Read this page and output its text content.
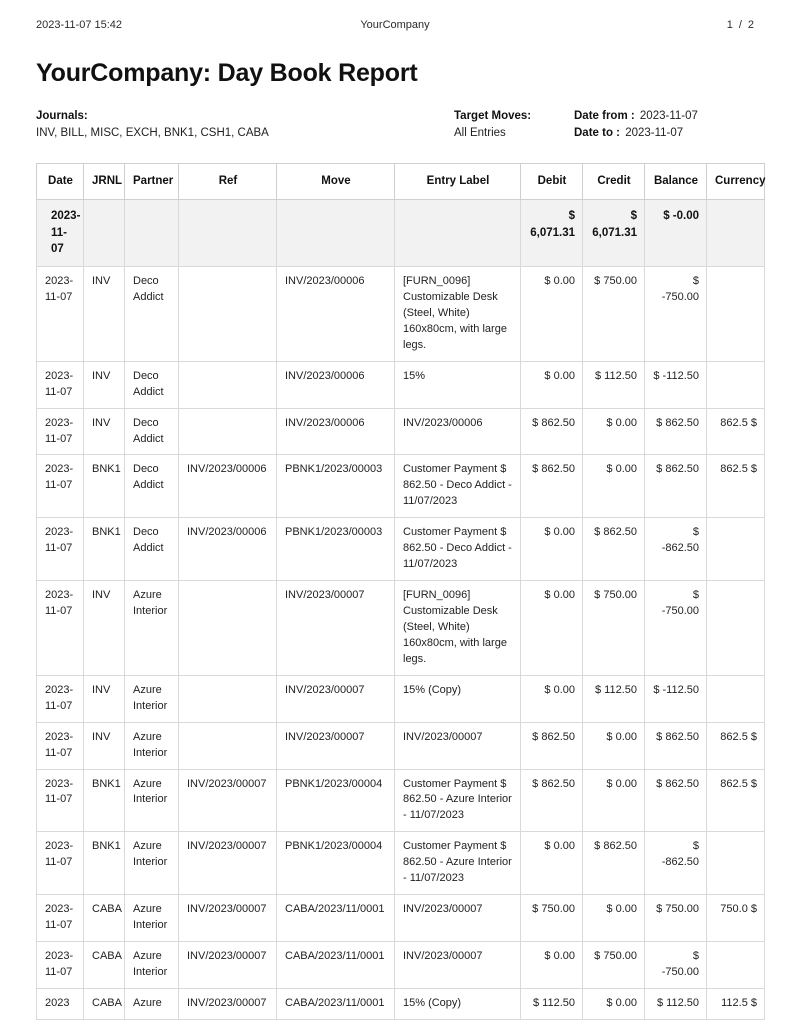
2023-11-07 15:42	YourCompany	1 / 2
YourCompany: Day Book Report
Journals:
INV, BILL, MISC, EXCH, BNK1, CSH1, CABA
Target Moves:
All Entries
Date from : 2023-11-07
Date to : 2023-11-07
Date	JRNL	Partner	Ref	Move	Entry Label	Debit	Credit	Balance	Currency
2023-11-07						$ 6,071.31	$ 6,071.31	$ -0.00	
2023-11-07	INV	Deco Addict		INV/2023/00006	[FURN_0096] Customizable Desk (Steel, White) 160x80cm, with large legs.	$ 0.00	$ 750.00	$ -750.00	
2023-11-07	INV	Deco Addict		INV/2023/00006	15%	$ 0.00	$ 112.50	$ -112.50	
2023-11-07	INV	Deco Addict		INV/2023/00006	INV/2023/00006	$ 862.50	$ 0.00	$ 862.50	862.5 $
2023-11-07	BNK1	Deco Addict	INV/2023/00006	PBNK1/2023/00003	Customer Payment $ 862.50 - Deco Addict - 11/07/2023	$ 862.50	$ 0.00	$ 862.50	862.5 $
2023-11-07	BNK1	Deco Addict	INV/2023/00006	PBNK1/2023/00003	Customer Payment $ 862.50 - Deco Addict - 11/07/2023	$ 0.00	$ 862.50	$ -862.50	
2023-11-07	INV	Azure Interior		INV/2023/00007	[FURN_0096] Customizable Desk (Steel, White) 160x80cm, with large legs.	$ 0.00	$ 750.00	$ -750.00	
2023-11-07	INV	Azure Interior		INV/2023/00007	15% (Copy)	$ 0.00	$ 112.50	$ -112.50	
2023-11-07	INV	Azure Interior		INV/2023/00007	INV/2023/00007	$ 862.50	$ 0.00	$ 862.50	862.5 $
2023-11-07	BNK1	Azure Interior	INV/2023/00007	PBNK1/2023/00004	Customer Payment $ 862.50 - Azure Interior - 11/07/2023	$ 862.50	$ 0.00	$ 862.50	862.5 $
2023-11-07	BNK1	Azure Interior	INV/2023/00007	PBNK1/2023/00004	Customer Payment $ 862.50 - Azure Interior - 11/07/2023	$ 0.00	$ 862.50	$ -862.50	
2023-11-07	CABA	Azure Interior	INV/2023/00007	CABA/2023/11/0001	INV/2023/00007	$ 750.00	$ 0.00	$ 750.00	750.0 $
2023-11-07	CABA	Azure Interior	INV/2023/00007	CABA/2023/11/0001	INV/2023/00007	$ 0.00	$ 750.00	$ -750.00	
2023	CABA	Azure	INV/2023/00007	CABA/2023/11/0001	15% (Copy)	$ 112.50	$ 0.00	$ 112.50	112.5 $
